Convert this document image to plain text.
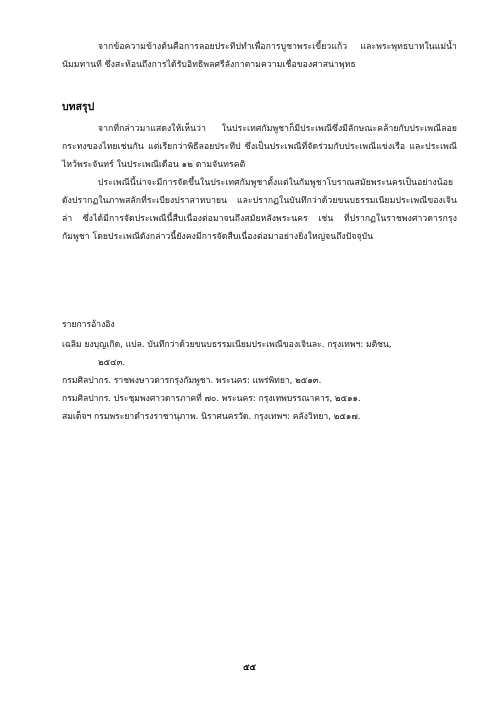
จากข้อความข้างต้นคือการลอยประทีปทำเพื่อการบูชาพระเขี้ยวแก้ว และพระพุทธบาทในแม่น้ำนัมมทานที ซึ่งสะท้อนถึงการได้รับอิทธิพลศรีลังกาตามความเชื่อของศาสนาพุทธ
บทสรุป
จากที่กล่าวมาแสดงให้เห็นว่า ในประเทศกัมพูชาก็มีประเพณีซึ่งมีลักษณะคล้ายกับประเพณีลอยกระทงของไทยเช่นกัน แต่เรียกว่าพิธีลอยประทีป ซึ่งเป็นประเพณีที่จัดร่วมกับประเพณีแข่งเรือ และประเพณีไหว้พระจันทร์ ในประเพณีเดือน ๑๒ ตามจันทรคติ
ประเพณีนี้น่าจะมีการจัดขึ้นในประเทศกัมพูชาตั้งแต่ในกัมพูชาโบราณสมัยพระนครเป็นอย่างน้อย ดังปรากฏในภาพสลักที่ระเบียงปราสาทบายน และปรากฏในบันทึกว่าด้วยขนบธรรมเนียมประเพณีของเจินล่า ซึ่งได้มีการจัดประเพณีนี้สืบเนื่องต่อมาจนถึงสมัยหลังพระนคร เช่น ที่ปรากฏในราชพงศาวดารกรุงกัมพูชา โดยประเพณีดังกล่าวนี้ยังคงมีการจัดสืบเนื่องต่อมาอย่างยิ่งใหญ่จนถึงปัจจุบัน
รายการอ้างอิง
เฉลิม ยงบุญเกิด, แปล. บันทึกว่าด้วยขนบธรรมเนียมประเพณีของเจินละ. กรุงเทพฯ: มติชน,
๒๕๔๓.
กรมศิลปากร. ราชพงษาวดารกรุงกัมพูชา. พระนคร: แพร่พิทยา, ๒๕๑๓.
กรมศิลปากร. ประชุมพงศาวดารภาคที่ ๗๐. พระนคร: กรุงเทพบรรณาคาร, ๒๕๑๑.
สมเด็จฯ กรมพระยาดำรงราชานุภาพ. นิราศนครวัด. กรุงเทพฯ: คลังวิทยา, ๒๕๑๗.
๕๕
